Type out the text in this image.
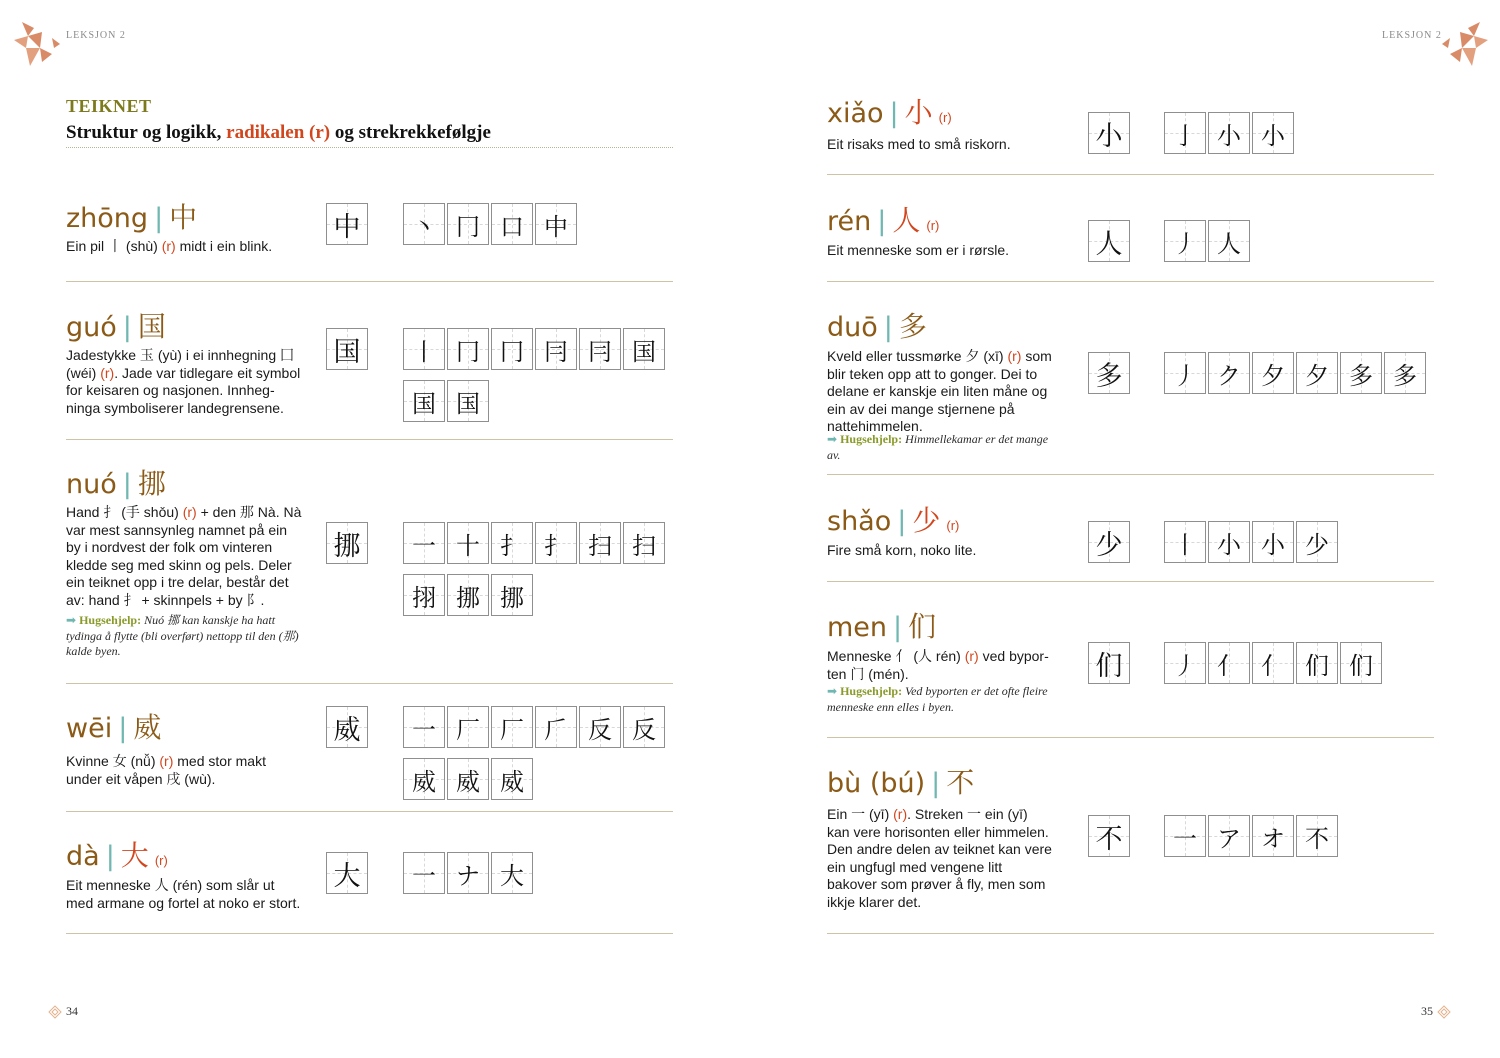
LEKSJON 2	LEKSJON 2
TEIKNET
Struktur og logikk, radikalen (r) og strekrekkefølgje
zhōng | 中
Ein pil 丨 (shù) (r) midt i ein blink.
中 丶 冂 口 中
guó | 国
Jadestykke 玉 (yù) i ei innhegning 囗 (wéi) (r). Jade var tidlegare eit symbol for keisaren og nasjonen. Innhegninga symboliserer landegrensene.
国 丨 冂 冂 冃 冃 国
国 国
nuó | 挪
Hand 扌 (手 shǒu) (r) + den 那 Nà. Nà var mest sannsynleg namnet på ein by i nordvest der folk om vinteren kledde seg med skinn og pels. Deler ein teiknet opp i tre delar, består det av: hand 扌 + skinnpels + by 阝.
➡ Hugsehjelp: Nuó 挪 kan kanskje ha hatt tydinga å flytte (bli overført) nettopp til den (那) kalde byen.
挪 一 十 扌 扌 扫 扫
挧 挪 挪
wēi | 威
Kvinne 女 (nǚ) (r) med stor makt under eit våpen 戌 (wù).
威 一 厂 厂 𠂆 反 反
威 威 威
dà | 大 (r)
Eit menneske 人 (rén) som slår ut med armane og fortel at noko er stort.
大 一 ナ 大
xiǎo | 小 (r)
Eit risaks med to små riskorn.	小 亅 小 小
rén | 人 (r)
Eit menneske som er i rørsle.	人 丿 人
duō | 多
Kveld eller tussmørke 夕 (xī) (r) som blir teken opp att to gonger. Dei to delane er kanskje ein liten måne og ein av dei mange stjernene på nattehimmelen.
➡ Hugsehjelp: Himmellekamar er det mange av.
多 丿 ク 夕 夕 多 多
shǎo | 少 (r)
Fire små korn, noko lite.	少 丨 小 小 少
men | 们
Menneske 亻 (人 rén) (r) ved byporten 门 (mén).
➡ Hugsehjelp: Ved byporten er det ofte fleire menneske enn elles i byen.
们 丿 亻 亻 们 们
bù (bú) | 不
Ein 一 (yī) (r). Streken 一 ein (yī) kan vere horisonten eller himmelen. Den andre delen av teiknet kan vere ein ungfugl med vengene litt bakover som prøver å fly, men som ikkje klarer det.
不 一 ア オ 不
34	35
